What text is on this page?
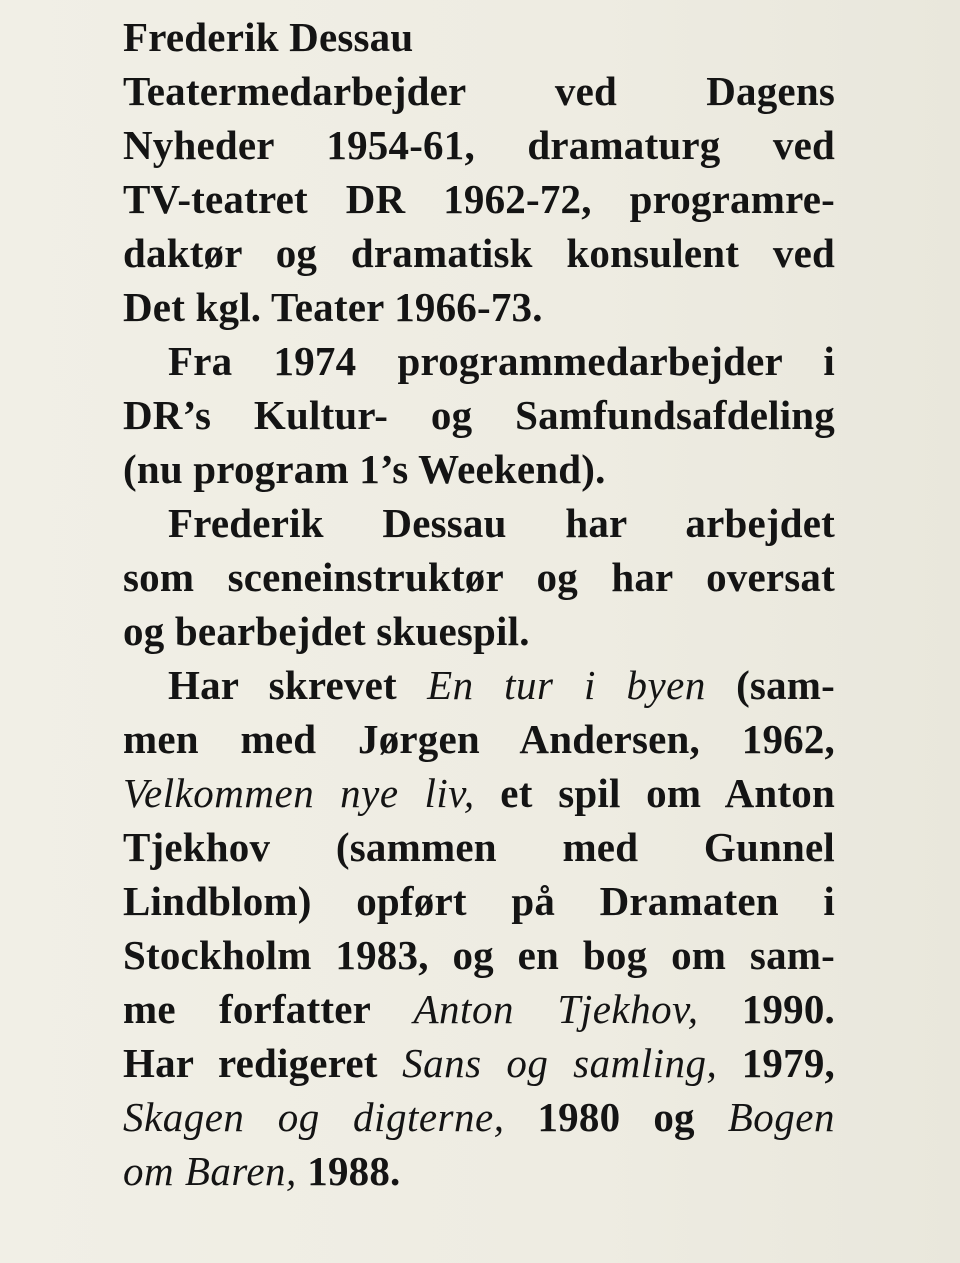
Frederik Dessau

Teatermedarbejder ved Dagens
Nyheder 1954-61, dramaturg ved
TV-teatret DR 1962-72, programre-
daktør og dramatisk konsulent ved
Det kgl. Teater 1966-73.
Fra 1974 programmedarbejder i
DR’s Kultur- og Samfundsafdeling
(nu program 1’s Weekend).
Frederik Dessau har arbejdet
som sceneinstruktør og har oversat
og bearbejdet skuespil.
Har skrevet En tur i byen (sam-
men med Jørgen Andersen, 1962,
Velkommen nye liv, et spil om Anton
Tjekhov (sammen med Gunnel
Lindblom) opført på Dramaten i
Stockholm 1983, og en bog om sam-
me forfatter Anton Tjekhov, 1990.
Har redigeret Sans og samling, 1979,
Skagen og digterne, 1980 og Bogen
om Baren, 1988.
